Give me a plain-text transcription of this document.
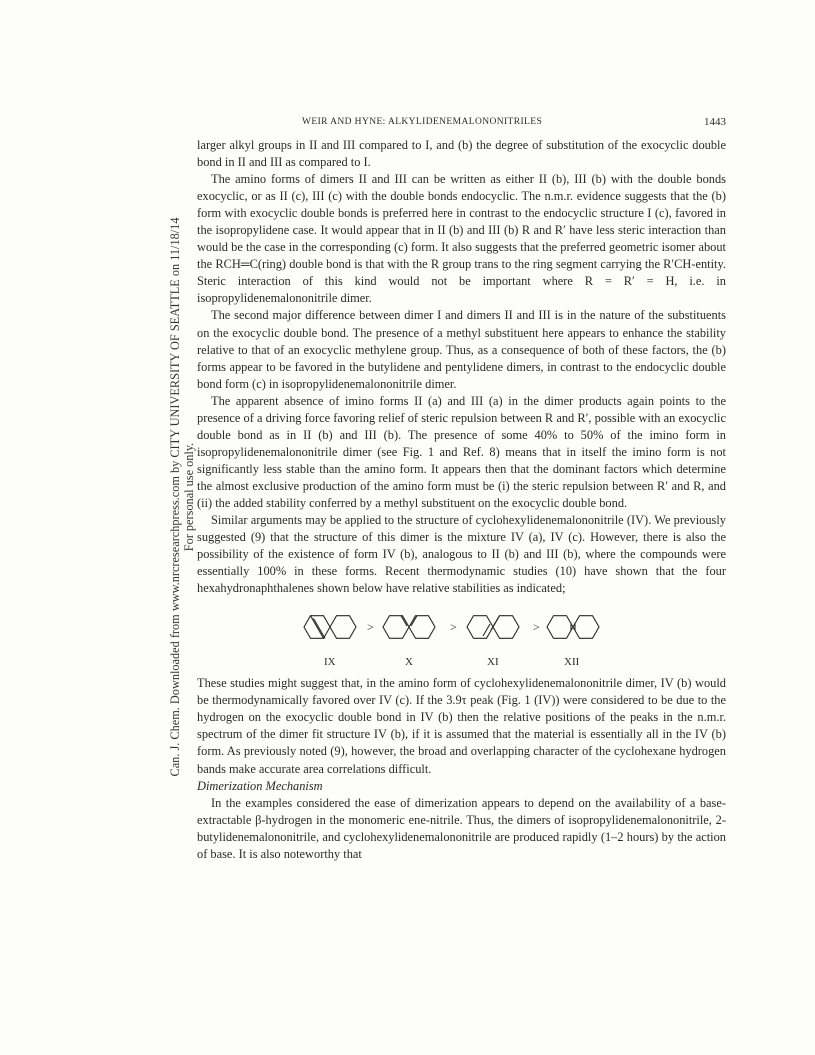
Can. J. Chem. Downloaded from www.nrcresearchpress.com by CITY UNIVERSITY OF SEATTLE on 11/18/14 For personal use only.
WEIR AND HYNE: ALKYLIDENEMALONONITRILES	1443

larger alkyl groups in II and III compared to I, and (b) the degree of substitution of the exocyclic double bond in II and III as compared to I.

The amino forms of dimers II and III can be written as either II (b), III (b) with the double bonds exocyclic, or as II (c), III (c) with the double bonds endocyclic. The n.m.r. evidence suggests that the (b) form with exocyclic double bonds is preferred here in contrast to the endocyclic structure I (c), favored in the isopropylidene case. It would appear that in II (b) and III (b) R and R′ have less steric interaction than would be the case in the corresponding (c) form. It also suggests that the preferred geometric isomer about the RCH═C(ring) double bond is that with the R group trans to the ring segment carrying the R′CH-entity. Steric interaction of this kind would not be important where R = R′ = H, i.e. in isopropylidenemalononitrile dimer.

The second major difference between dimer I and dimers II and III is in the nature of the substituents on the exocyclic double bond. The presence of a methyl substituent here appears to enhance the stability relative to that of an exocyclic methylene group. Thus, as a consequence of both of these factors, the (b) forms appear to be favored in the butylidene and pentylidene dimers, in contrast to the endocyclic double bond form (c) in isopropylidenemalononitrile dimer.

The apparent absence of imino forms II (a) and III (a) in the dimer products again points to the presence of a driving force favoring relief of steric repulsion between R and R′, possible with an exocyclic double bond as in II (b) and III (b). The presence of some 40% to 50% of the imino form in isopropylidenemalononitrile dimer (see Fig. 1 and Ref. 8) means that in itself the imino form is not significantly less stable than the amino form. It appears then that the dominant factors which determine the almost exclusive production of the amino form must be (i) the steric repulsion between R′ and R, and (ii) the added stability conferred by a methyl substituent on the exocyclic double bond.

Similar arguments may be applied to the structure of cyclohexylidenemalononitrile (IV). We previously suggested (9) that the structure of this dimer is the mixture IV (a), IV (c). However, there is also the possibility of the existence of form IV (b), analogous to II (b) and III (b), where the compounds were essentially 100% in these forms. Recent thermodynamic studies (10) have shown that the four hexahydronaphthalenes shown below have relative stabilities as indicated;

>	>	>
IX	X	XI	XII

These studies might suggest that, in the amino form of cyclohexylidenemalononitrile dimer, IV (b) would be thermodynamically favored over IV (c). If the 3.9τ peak (Fig. 1 (IV)) were considered to be due to the hydrogen on the exocyclic double bond in IV (b) then the relative positions of the peaks in the n.m.r. spectrum of the dimer fit structure IV (b), if it is assumed that the material is essentially all in the IV (b) form. As previously noted (9), however, the broad and overlapping character of the cyclohexane hydrogen bands make accurate area correlations difficult.

Dimerization Mechanism

In the examples considered the ease of dimerization appears to depend on the availability of a base-extractable β-hydrogen in the monomeric ene-nitrile. Thus, the dimers of isopropylidenemalononitrile, 2-butylidenemalononitrile, and cyclohexylidenemalononitrile are produced rapidly (1–2 hours) by the action of base. It is also noteworthy that
